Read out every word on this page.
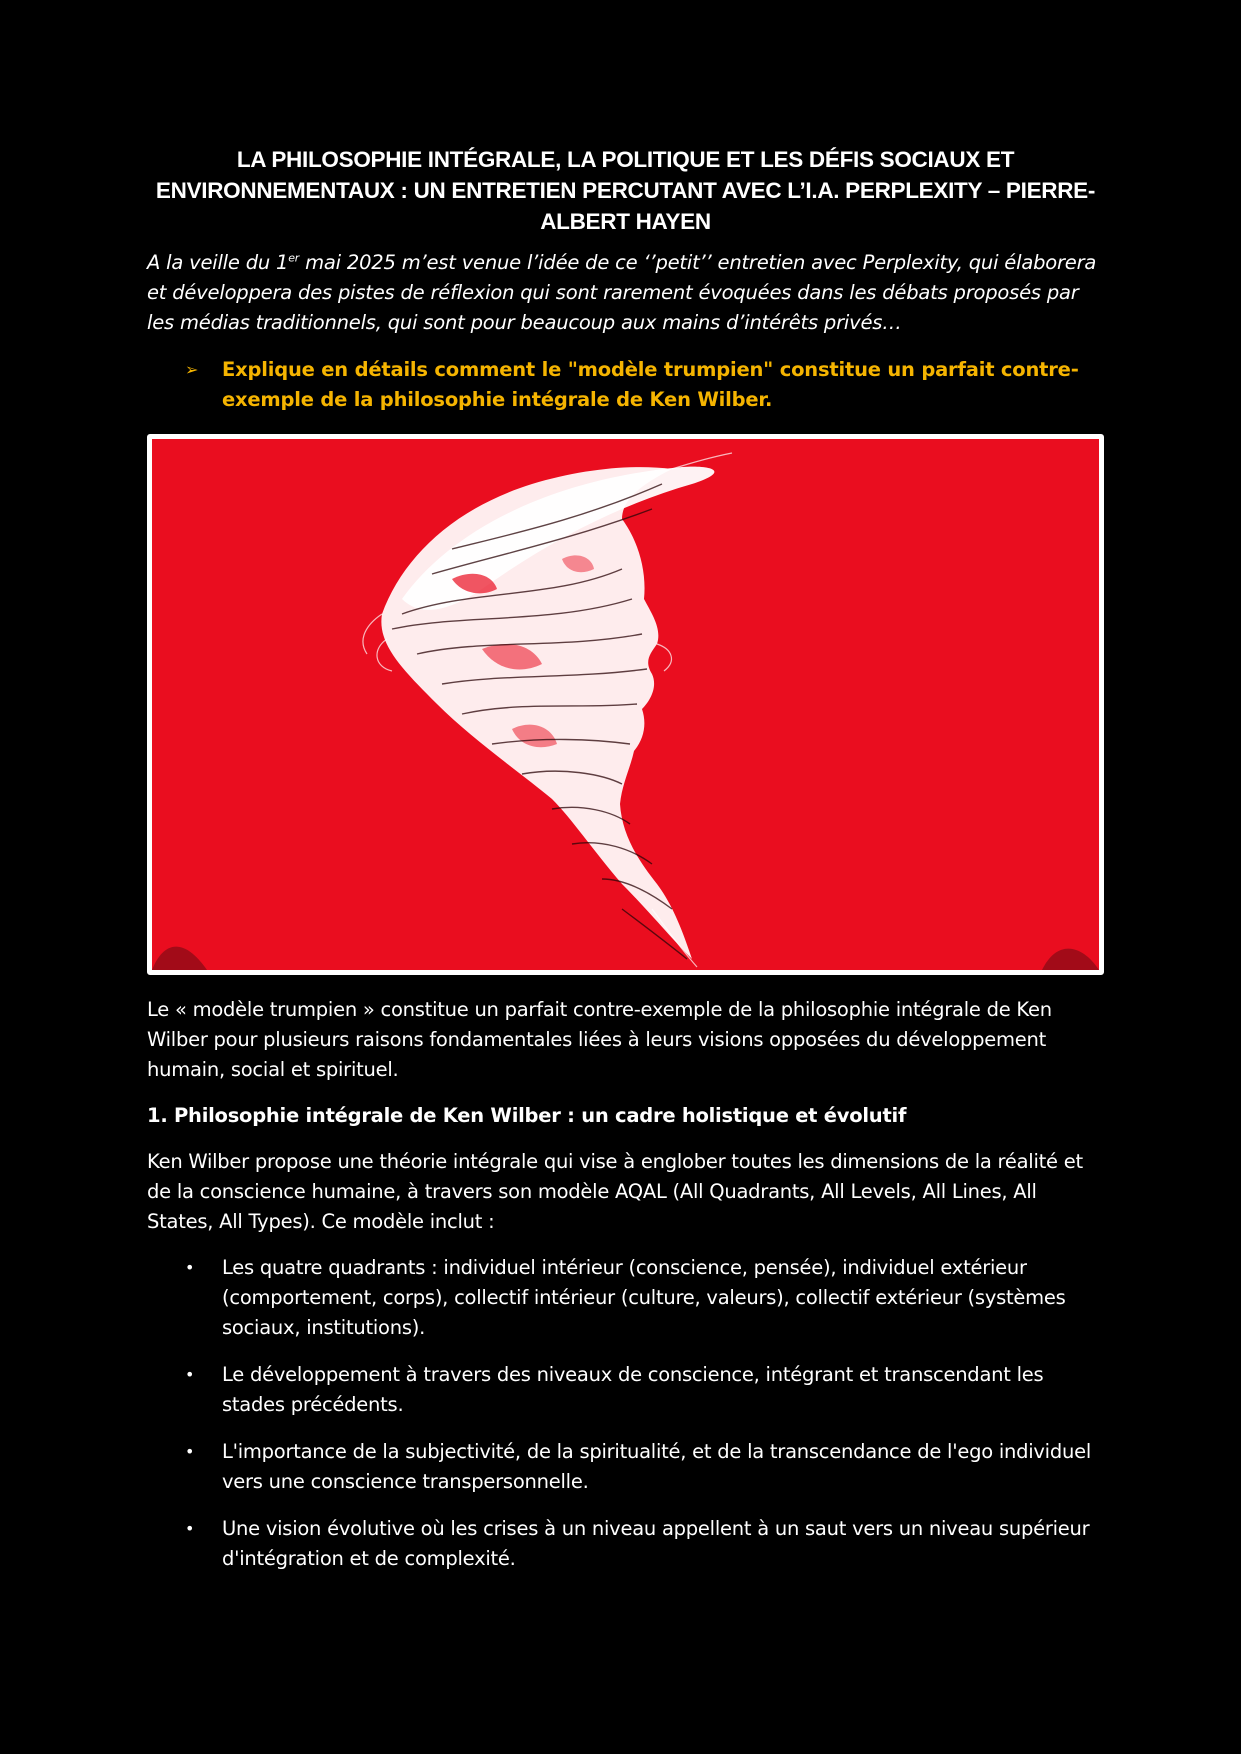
LA PHILOSOPHIE INTÉGRALE, LA POLITIQUE ET LES DÉFIS SOCIAUX ET ENVIRONNEMENTAUX : UN ENTRETIEN PERCUTANT AVEC L’I.A. PERPLEXITY – PIERRE-ALBERT HAYEN

A la veille du 1er mai 2025 m’est venue l’idée de ce ‘’petit’’ entretien avec Perplexity, qui élaborera et développera des pistes de réflexion qui sont rarement évoquées dans les débats proposés par les médias traditionnels, qui sont pour beaucoup aux mains d’intérêts privés…

➢	Explique en détails comment le "modèle trumpien" constitue un parfait contre-exemple de la philosophie intégrale de Ken Wilber.

Le « modèle trumpien » constitue un parfait contre-exemple de la philosophie intégrale de Ken Wilber pour plusieurs raisons fondamentales liées à leurs visions opposées du développement humain, social et spirituel.

1. Philosophie intégrale de Ken Wilber : un cadre holistique et évolutif

Ken Wilber propose une théorie intégrale qui vise à englober toutes les dimensions de la réalité et de la conscience humaine, à travers son modèle AQAL (All Quadrants, All Levels, All Lines, All States, All Types). Ce modèle inclut :

•	Les quatre quadrants : individuel intérieur (conscience, pensée), individuel extérieur (comportement, corps), collectif intérieur (culture, valeurs), collectif extérieur (systèmes sociaux, institutions).
•	Le développement à travers des niveaux de conscience, intégrant et transcendant les stades précédents.
•	L'importance de la subjectivité, de la spiritualité, et de la transcendance de l'ego individuel vers une conscience transpersonnelle.
•	Une vision évolutive où les crises à un niveau appellent à un saut vers un niveau supérieur d'intégration et de complexité.
